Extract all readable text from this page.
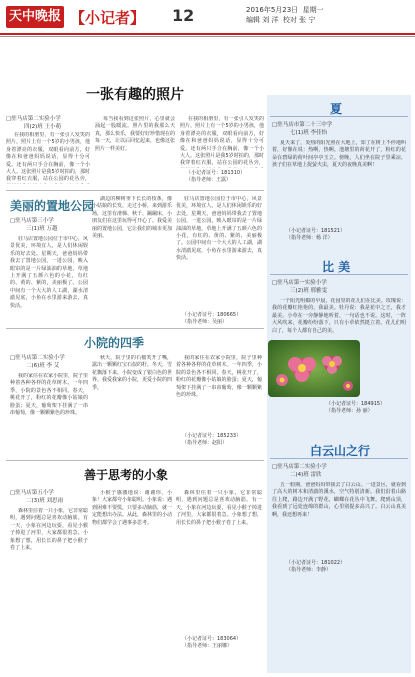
天中晚报 【小记者】 12	2016年5月23日 星期一
编辑 刘 洋 校对 张 宁
一张有趣的照片
□驻马店第二实验小学
四(2)班 王小萌
在我的相册里，有一张引人发笑的照片，照片上有一个5岁的小男孩，他身着漂亮的衣服，双眼看向前方，好像在和爸爸妈妈说话，显得十分可爱。还有两只手合在胸前，像一个小大人。这张照片是我5岁时拍的，那时我穿着红衣服，站在公园的花丛旁，
每当我看到这张照片，心里就会涌起一股暖流。照片里的我那么天真，那么快乐，我要好好珍惜现在的每一天，让以后回忆起来，也像这张照片一样美好。
在我的相册里，有一张引人发笑的照片，照片上有一个5岁的小男孩，他身着漂亮的衣服，双眼看向前方，好像在和爸爸妈妈说话，显得十分可爱。还有两只手合在胸前，像一个小大人。这张照片是我5岁时拍的，那时我穿着红衣服，站在公园的花丛旁，
（小记者证号：181310）
（指导老师：王露）
美丽的置地公园
□驻马店第三小学
三(1)班 万越
驻马店置地公园位于市中心，风景优美，环境宜人，是人们休闲娱乐的好去处。星期天，爸爸妈妈带我去了置地公园，一进公园，映入眼帘的是一片绿油油的草地，草地上开满了五颜六色的小花，有红的、黄的、紫的，美丽极了。公园中间有一个大大的人工湖，湖水清澈见底，小鱼在水里游来游去，真快活。
湖边的柳树垂下长长的枝条，像小姑娘的长发。走过小桥，来到游乐场，这里有滑梯、秋千、蹦蹦床，小朋友们在这里玩得可开心了。我爱美丽的置地公园，它让我们的城市更加美丽。
驻马店置地公园位于市中心，风景优美，环境宜人，是人们休闲娱乐的好去处。星期天，爸爸妈妈带我去了置地公园，一进公园，映入眼帘的是一片绿油油的草地，草地上开满了五颜六色的小花，有红的、黄的、紫的，美丽极了。公园中间有一个大大的人工湖，湖水清澈见底，小鱼在水里游来游去，真快活。
（小记者证号：180665）
（指导老师：吴丽）
小院的四季
□驻马店第二实验小学
二(6)班 李 艾
我的家住在农家小院里，院子里种着各种各样的花草树木。一年四季，小院的景色各不相同。春天，桃花开了，粉红的花瓣像小姑娘的脸蛋；夏天，葡萄架下挂满了一串串葡萄，像一颗颗紫色的珍珠。
秋天，院子里的石榴笑开了嘴，露出一颗颗红宝石似的籽。冬天，雪花飘落下来，小院变成了银白色的世界。我爱我家的小院，更爱小院的四季。
我的家住在农家小院里，院子里种着各种各样的花草树木。一年四季，小院的景色各不相同。春天，桃花开了，粉红的花瓣像小姑娘的脸蛋；夏天，葡萄架下挂满了一串串葡萄，像一颗颗紫色的珍珠。
（小记者证号：185233）
（指导老师：赵阳）
善于思考的小象
□驻马店第五小学
二(3)班 刘思雨
森林里住着一只小象，它非常聪明，遇到问题总是喜欢动脑筋。有一天，小象在河边玩耍，看见小猴子掉进了河里，大家都很着急。小象想了想，用长长的鼻子把小猴子卷了上来。
小猴子感激地说：谢谢你，小象！大家都夸小象聪明。小象说：遇到困难不要慌，只要多动脑筋，就一定能想出办法。从此，森林里的小动物们都学会了遇事多思考。
森林里住着一只小象，它非常聪明，遇到问题总是喜欢动脑筋。有一天，小象在河边玩耍，看见小猴子掉进了河里，大家都很着急。小象想了想，用长长的鼻子把小猴子卷了上来。
（小记者证号：183064）
（指导老师：王丽娜）
夏
□驻马店市第二十三中学
七(1)班 李佳怡
夏天来了，炎热的阳光照在大地上，知了在树上不停地叫着，好像在说：热啊，热啊。池塘里的荷花开了，粉红的花朵在碧绿的荷叶间亭亭玉立。傍晚，人们坐在院子里乘凉，孩子们在草地上捉萤火虫，夏天的夜晚真美啊！
（小记者证号：181521）
（指导老师：杨 洋）
比 美
□驻马店第一实验小学
三(2)班 邢雅雯
一个阳光明媚的早晨，花园里的花儿们在比美。玫瑰说：我的花瓣红艳艳的，我最美。牡丹说：我是花中之王，我才最美。小草在一旁静静地听着，一句话也不说。这时，一阵大风吹来，花瓣纷纷落下，只有小草依然挺立着。花儿们明白了，每个人都有自己的美。
（小记者证号：184915）
（指导老师：孙 丽）
白云山之行
□驻马店第二实验小学
二(4)班 雷欣
五一假期，爸爸妈妈带我去了白云山。一进景区，就看到了高大的树木和清澈的溪水，空气特别清新。我们沿着山路往上爬，路边开满了野花，蝴蝶在花丛中飞舞。爬到山顶，我看到了远处连绵的群山，心里别提多高兴了。白云山真美啊，我还想再来！
（小记者证号：181022）
（指导老师：李静）
